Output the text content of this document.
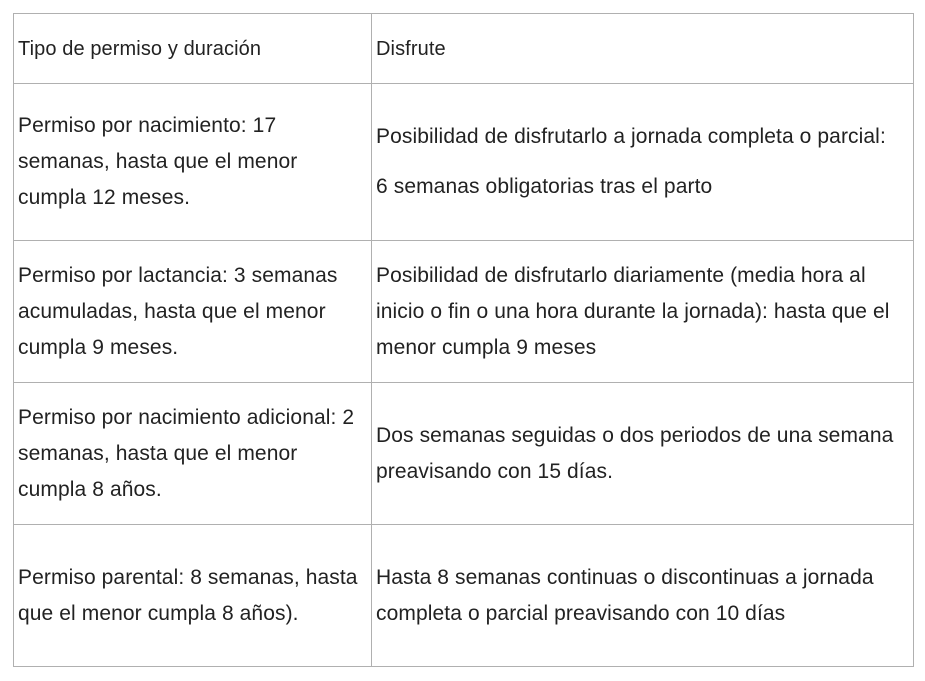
Tipo de permiso y duración	Disfrute
Permiso por nacimiento: 17 semanas, hasta que el menor cumpla 12 meses.	Posibilidad de disfrutarlo a jornada completa o parcial:

6 semanas obligatorias tras el parto

Permiso por lactancia: 3 semanas acumuladas, hasta que el menor cumpla 9 meses.	Posibilidad de disfrutarlo diariamente (media hora al inicio o fin o una hora durante la jornada): hasta que el menor cumpla 9 meses

Permiso por nacimiento adicional: 2 semanas, hasta que el menor cumpla 8 años.	Dos semanas seguidas o dos periodos de una semana preavisando con 15 días.

Permiso parental: 8 semanas, hasta que el menor cumpla 8 años).	Hasta 8 semanas continuas o discontinuas a jornada completa o parcial preavisando con 10 días
